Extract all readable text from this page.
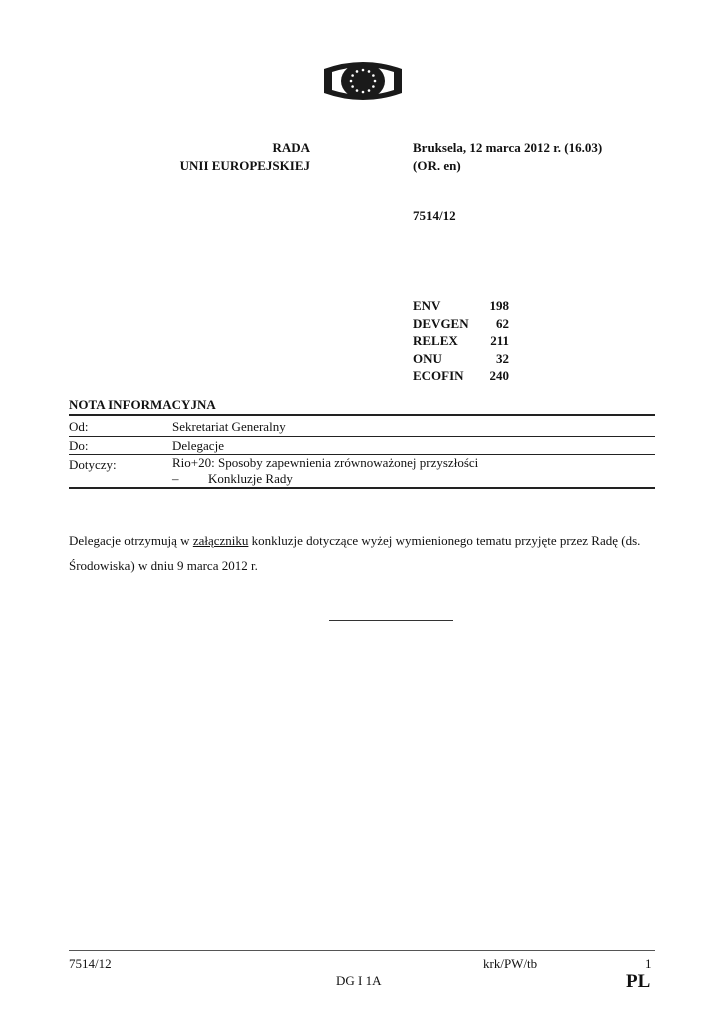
RADA
UNII EUROPEJSKIEJ
Bruksela, 12 marca 2012 r. (16.03)
(OR. en)
7514/12
ENV	198
DEVGEN	62
RELEX	211
ONU	32
ECOFIN	240
NOTA INFORMACYJNA
Od:	Sekretariat Generalny
Do:	Delegacje
Dotyczy:	Rio+20: Sposoby zapewnienia zrównoważonej przyszłości
– Konkluzje Rady
Delegacje otrzymują w załączniku konkluzje dotyczące wyżej wymienionego tematu przyjęte przez Radę (ds. Środowiska) w dniu 9 marca 2012 r.
7514/12	krk/PW/tb	1
DG I 1A	PL
